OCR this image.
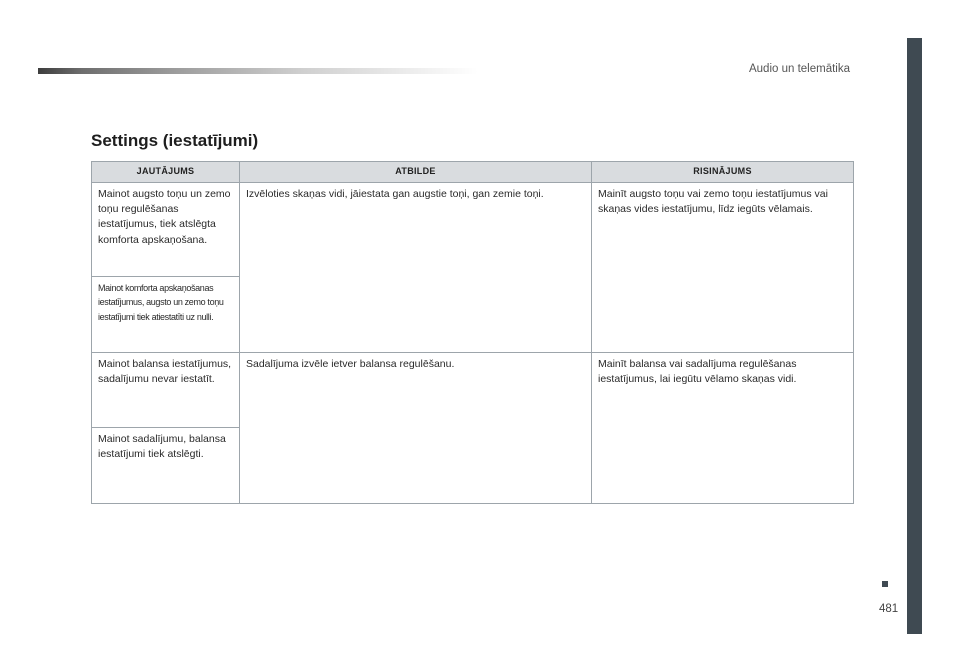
Audio un telemātika
481
Settings (iestatījumi)
JAUTĀJUMS	ATBILDE	RISINĀJUMS
Mainot augsto toņu un zemo toņu regulēšanas iestatījumus, tiek atslēgta komforta apskaņošana.	Izvēloties skaņas vidi, jāiestata gan augstie toņi, gan zemie toņi.	Mainīt augsto toņu vai zemo toņu iestatījumus vai skaņas vides iestatījumu, līdz iegūts vēlamais.

Mainot komforta apskaņošanas iestatījumus, augsto un zemo toņu iestatījumi tiek atiestatīti uz nulli.		

Mainot balansa iestatījumus, sadalījumu nevar iestatīt.	Sadalījuma izvēle ietver balansa regulēšanu.	Mainīt balansa vai sadalījuma regulēšanas iestatījumus, lai iegūtu vēlamo skaņas vidi.
Mainot sadalījumu, balansa iestatījumi tiek atslēgti.		
